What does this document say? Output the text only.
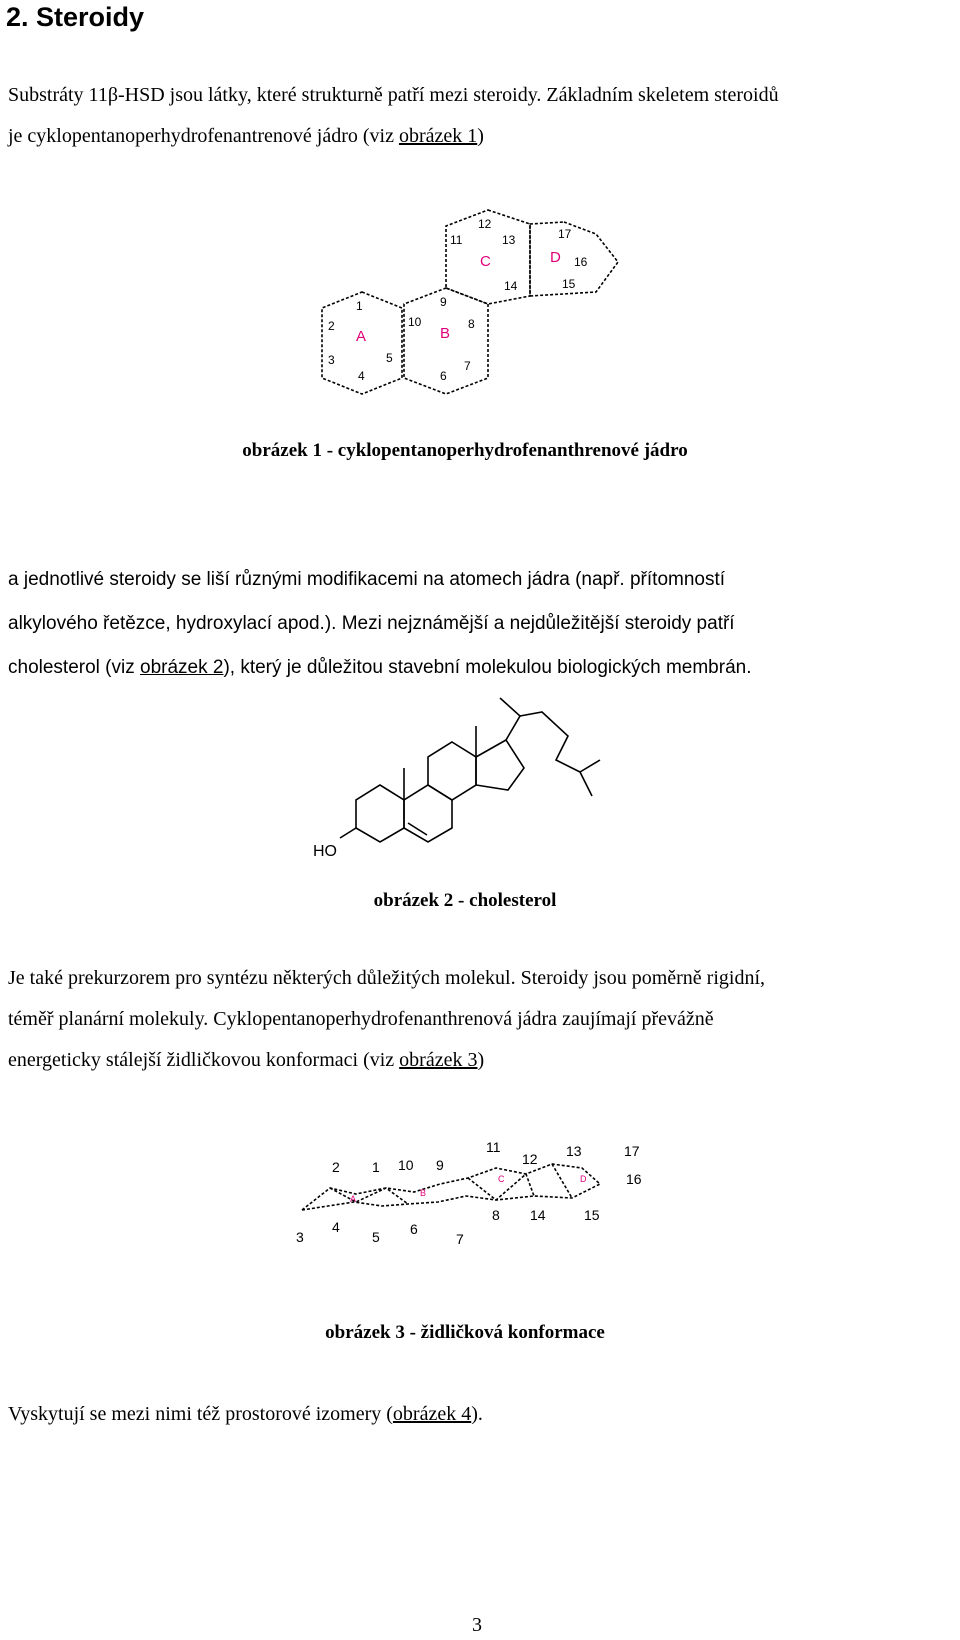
2. Steroidy
Substráty 11β-HSD jsou látky, které strukturně patří mezi steroidy. Základním skeletem steroidů
je cyklopentanoperhydrofenantrenové jádro (viz obrázek 1)
A	B
C	D
1
2
3
4
5
6
7
8
9
10
11
12
13
14	15
16
17
obrázek 1 - cyklopentanoperhydrofenanthrenové jádro
a jednotlivé steroidy se liší různými modifikacemi na atomech jádra (např. přítomností
alkylového řetězce, hydroxylací apod.). Mezi nejznámější a nejdůležitější steroidy patří
cholesterol (viz obrázek 2), který je důležitou stavební molekulou biologických membrán.
HO
obrázek 2 - cholesterol
Je také prekurzorem pro syntézu některých důležitých molekul. Steroidy jsou poměrně rigidní,
téměř planární molekuly. Cyklopentanoperhydrofenanthrenová jádra zaujímají převážně
energeticky stálejší židličkovou konformaci (viz obrázek 3)
A
B
C	D
1
2
3
4
5 6
7
8
9
10
11
12 13
14	15
16
17
obrázek 3 - židličková konformace
Vyskytují se mezi nimi též prostorové izomery (obrázek 4).
3
